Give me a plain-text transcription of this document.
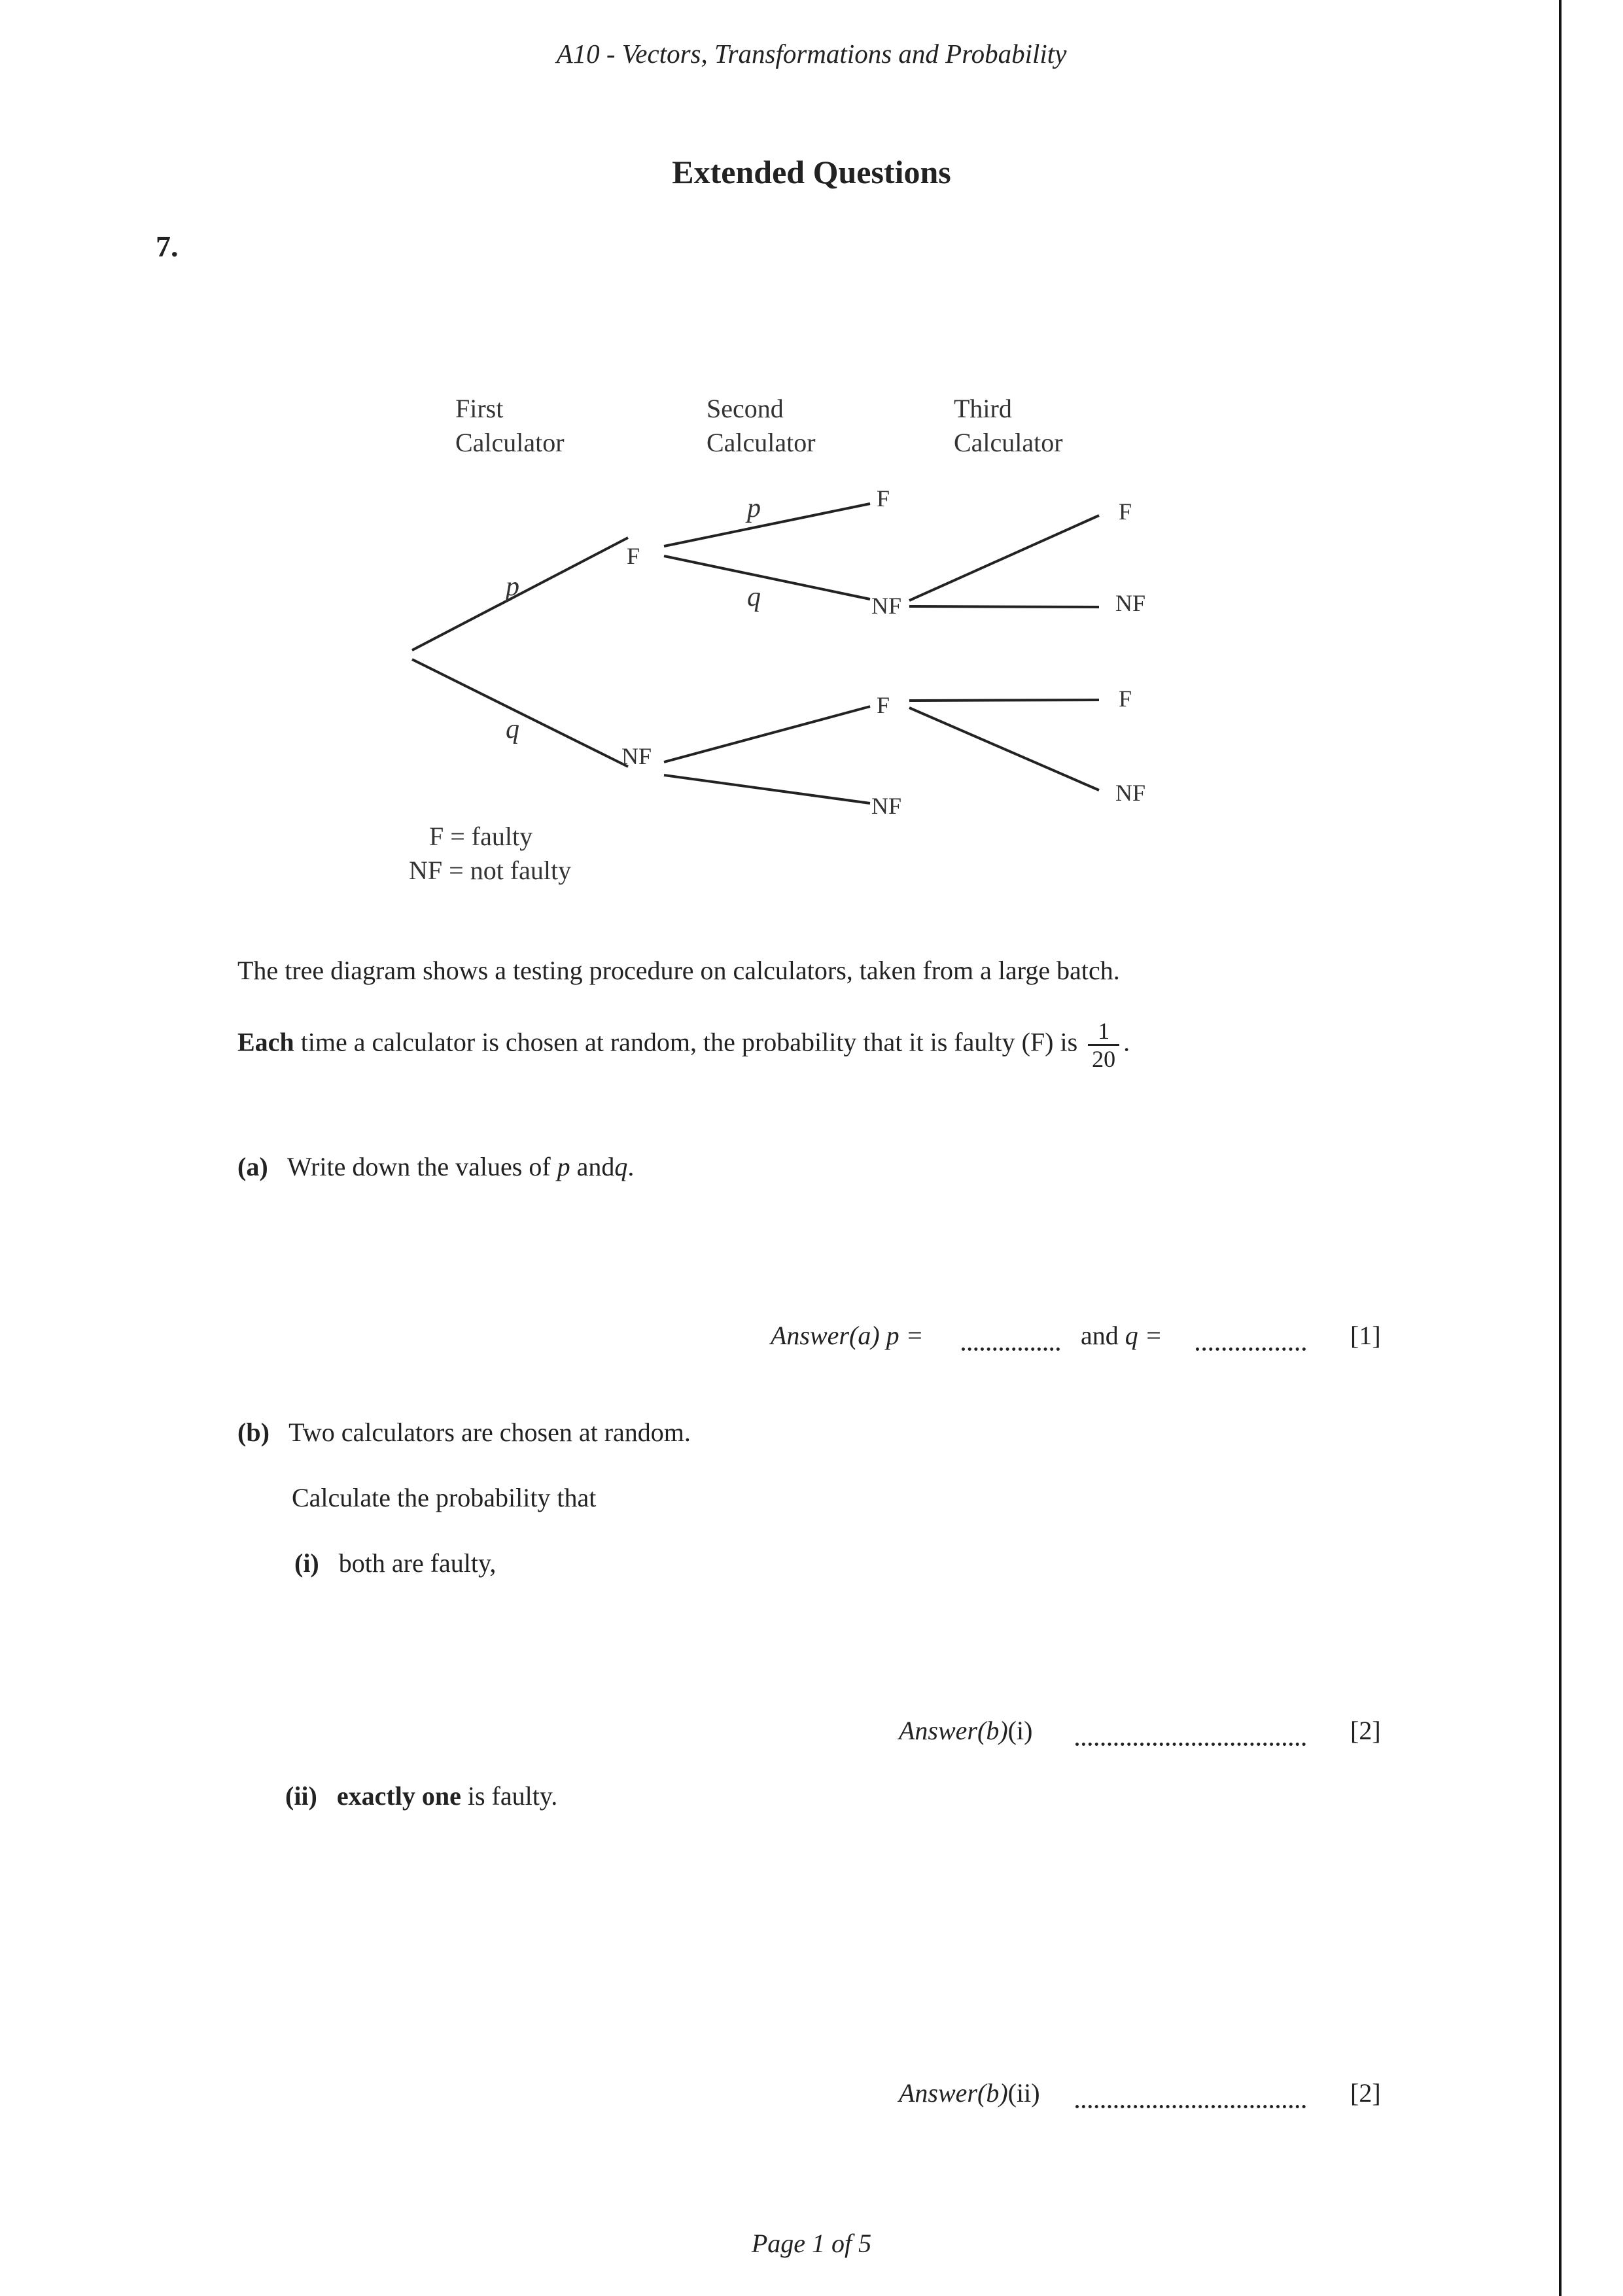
A10 - Vectors, Transformations and Probability
Extended Questions
7.
First
Calculator
Second
Calculator
Third
Calculator
p
q
p
q
F
NF
F
NF
F
NF
F
NF
F
NF
F = faulty
NF = not faulty
The tree diagram shows a testing procedure on calculators, taken from a large batch.
Each time a calculator is chosen at random, the probability that it is faulty (F) is $\frac{1}{20}$ .
(a) Write down the values of p andq.
Answer(a) p =	and q =	[1]
(b) Two calculators are chosen at random.
Calculate the probability that
(i) both are faulty,
Answer(b)(i)	[2]
(ii) exactly one is faulty.
Answer(b)(ii)	[2]
Page 1 of 5
